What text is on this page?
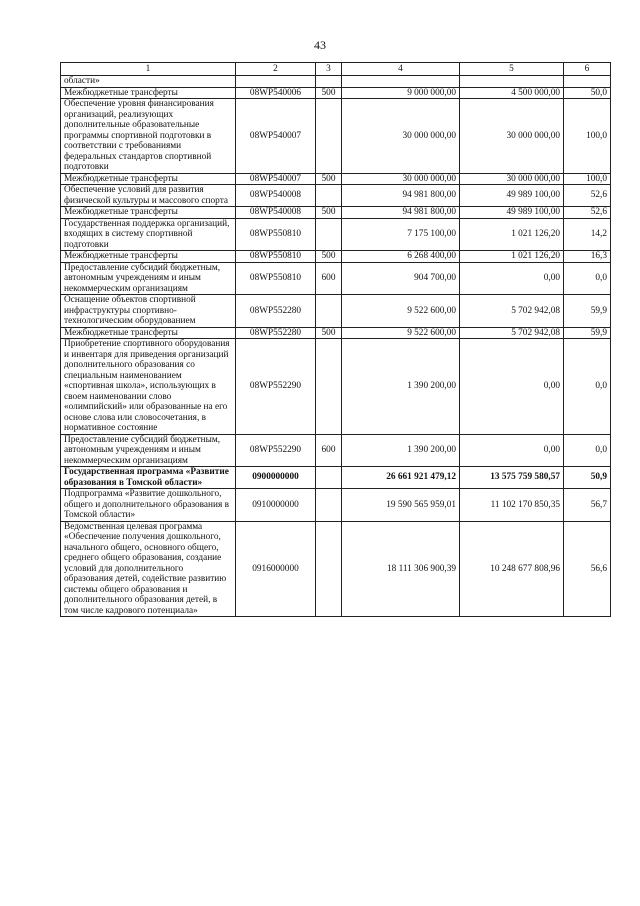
43
1	2	3	4	5	6
области»					
Межбюджетные трансферты	08WP540006	500	9 000 000,00	4 500 000,00	50,0
Обеспечение уровня финансирования организаций, реализующих дополнительные образовательные программы спортивной подготовки в соответствии с требованиями федеральных стандартов спортивной подготовки	08WP540007		30 000 000,00	30 000 000,00	100,0
Межбюджетные трансферты	08WP540007	500	30 000 000,00	30 000 000,00	100,0
Обеспечение условий для развития физической культуры и массового спорта	08WP540008		94 981 800,00	49 989 100,00	52,6
Межбюджетные трансферты	08WP540008	500	94 981 800,00	49 989 100,00	52,6
Государственная поддержка организаций, входящих в систему спортивной подготовки	08WP550810		7 175 100,00	1 021 126,20	14,2
Межбюджетные трансферты	08WP550810	500	6 268 400,00	1 021 126,20	16,3
Предоставление субсидий бюджетным, автономным учреждениям и иным некоммерческим организациям	08WP550810	600	904 700,00	0,00	0,0
Оснащение объектов спортивной инфраструктуры спортивно-технологическим оборудованием	08WP552280		9 522 600,00	5 702 942,08	59,9
Межбюджетные трансферты	08WP552280	500	9 522 600,00	5 702 942,08	59,9
Приобретение спортивного оборудования и инвентаря для приведения организаций дополнительного образования со специальным наименованием «спортивная школа», использующих в своем наименовании слово «олимпийский» или образованные на его основе слова или словосочетания, в нормативное состояние	08WP552290		1 390 200,00	0,00	0,0
Предоставление субсидий бюджетным, автономным учреждениям и иным некоммерческим организациям	08WP552290	600	1 390 200,00	0,00	0,0
Государственная программа «Развитие образования в Томской области»	0900000000		26 661 921 479,12	13 575 759 580,57	50,9
Подпрограмма «Развитие дошкольного, общего и дополнительного образования в Томской области»	0910000000		19 590 565 959,01	11 102 170 850,35	56,7
Ведомственная целевая программа «Обеспечение получения дошкольного, начального общего, основного общего, среднего общего образования, создание условий для дополнительного образования детей, содействие развитию системы общего образования и дополнительного образования детей, в том числе кадрового потенциала»	0916000000		18 111 306 900,39	10 248 677 808,96	56,6
